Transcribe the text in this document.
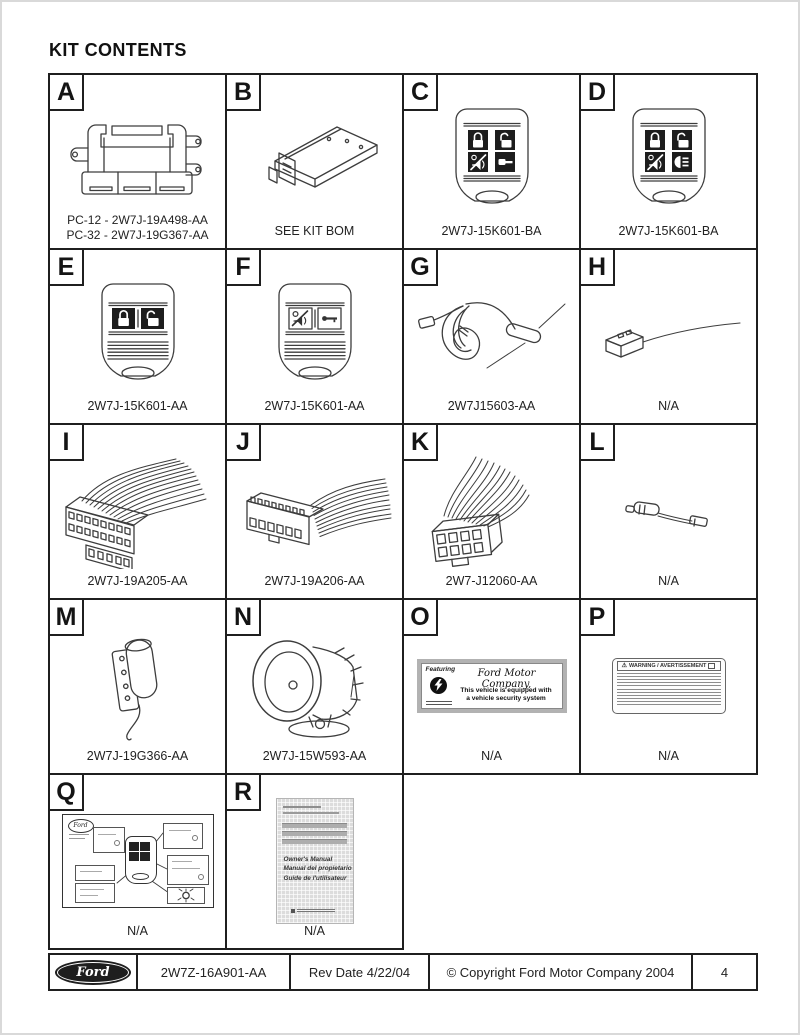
KIT CONTENTS
A
PC-12 - 2W7J-19A498-AA
PC-32 - 2W7J-19G367-AA
B
SEE KIT BOM
C
2W7J-15K601-BA
D
2W7J-15K601-BA
E
2W7J-15K601-AA
F
2W7J-15K601-AA
G
2W7J15603-AA
H
N/A
I
2W7J-19A205-AA
J
2W7J-19A206-AA
K
2W7-J12060-AA
L
N/A
M
2W7J-19G366-AA
N
2W7J-15W593-AA
O
Featuring	Ford Motor Company,
This vehicle is equipped with
a vehicle security system
N/A
P
⚠ WARNING / AVERTISSEMENT
N/A
Q
Ford
N/A
R
Owner's Manual
Manual del propietario
Guide de l'utilisateur
N/A
Ford	2W7Z-16A901-AA	Rev Date 4/22/04	© Copyright Ford Motor Company 2004	4
